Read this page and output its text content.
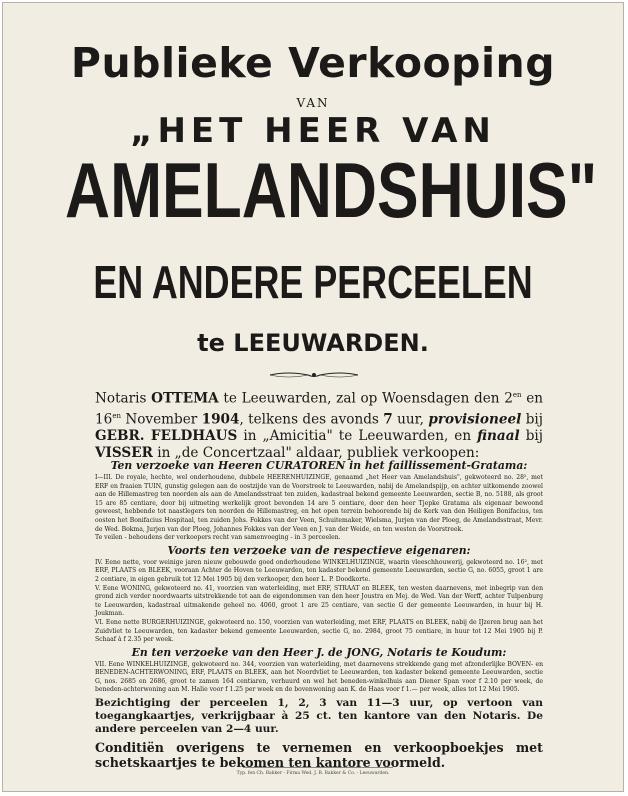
Publieke Verkooping
VAN
„HET HEER VAN
AMELANDSHUIS"
EN ANDERE PERCEELEN
te LEEUWARDEN.
Notaris OTTEMA te Leeuwarden, zal op Woensdagen den $2^{en}$ en $16^{en}$ November 1904, telkens des avonds 7 uur, provisioneel bij GEBR. FELDHAUS in „Amicitia" te Leeuwarden, en finaal bij VISSER in „de Concertzaal" aldaar, publiek verkoopen:
Ten verzoeke van Heeren CURATOREN in het faillissement-Gratama:

I—III. De royale, hechte, wel onderhoudene, dubbele HEERENHUIZINGE, genaamd „het Heer van Amelandshuis", gekwoteerd no. 28², met ERF en fraaien TUIN, gunstig gelegen aan de oostzijde van de Voorstreek te Leeuwarden, nabij de Amelandspijp, en achter uitkomende zoowel aan de Hillemastreg ten noorden als aan de Amelandsstraat ten zuiden, kadastraal bekend gemeente Leeuwarden, sectie B, no. 5188, als groot 15 are 85 centiare, door bij uitmeting werkelijk groot bevonden 14 are 5 centiare, door den heer Tjepke Gratama als eigenaar bewoond geweest, hebbende tot naastlegers ten noorden de Hillemastreg, en het open terrein behoorende bij de Kerk van den Heiligen Bonifacius, ten oosten het Bonifacius Hospitaal, ten zuiden Johs. Fokkes van der Veen, Schuitemaker, Wielsma, Jurjen van der Ploeg, de Amelandsstraat, Mevr. de Wed. Bokma, Jurjen van der Ploeg, Johannes Fokkes van der Veen en J. van der Weide, en ten westen de Voorstreek.

Te veilen - behoudens der verkoopers recht van samenvoeging - in 3 perceelen.

Voorts ten verzoeke van de respectieve eigenaren:

IV. Eene nette, voor weinige jaren nieuw gebouwde goed onderhoudene WINKELHUIZINGE, waarin vleeschhouwerij, gekwoteerd no. 16², met ERF, PLAATS en BLEEK, vooraan Achter de Hoven te Leeuwarden, ten kadaster bekend gemeente Leeuwarden, sectie G, no. 6055, groot 1 are 2 centiare, in eigen gebruik tot 12 Mei 1905 bij den verkooper, den heer L. P. Doodkorte.

V. Eene WONING, gekwoteerd no. 41, voorzien van waterleiding, met ERF, STRAAT en BLEEK, ten westen daarnevens, met inbegrip van den grond zich verder noordwaarts uitstrekkende tot aan de eigendommen van den heer Joustra en Mej. de Wed. Van der Werff, achter Tulpenburg te Leeuwarden, kadastraal uitmakende geheel no. 4060, groot 1 are 25 centiare, van sectie G der gemeente Leeuwarden, in huur bij H. Joukman.

VI. Eene nette BURGERHUIZINGE, gekwoteerd no. 150, voorzien van waterleiding, met ERF, PLAATS en BLEEK, nabij de IJzeren brug aan het Zuidvliet te Leeuwarden, ten kadaster bekend gemeente Leeuwarden, sectie G, no. 2984, groot 75 centiare, in huur tot 12 Mei 1905 bij P. Schaaf à f 2.35 per week.

En ten verzoeke van den Heer J. de JONG, Notaris te Koudum:

VII. Eene WINKELHUIZINGE, gekwoteerd no. 344, voorzien van waterleiding, met daarnevens strekkende gang met afzonderlijke BOVEN- en BENEDEN-ACHTERWONING, ERF, PLAATS en BLEEK, aan het Noordvliet te Leeuwarden, ten kadaster bekend gemeente Leeuwarden, sectie G, nos. 2685 en 2686, groot te zamen 164 centiaren, verhuurd en wel het beneden-winkelhuis aan Diener Span voor f 2.10 per week, de beneden-achterwoning aan M. Halie voor f 1.25 per week en de bovenwoning aan K. de Haas voor f 1.— per week, alles tot 12 Mei 1905.

Bezichtiging der perceelen 1, 2, 3 van 11—3 uur, op vertoon van toegangkaartjes, verkrijgbaar à 25 ct. ten kantore van den Notaris. De andere perceelen van 2—4 uur.
Conditiën overigens te vernemen en verkoopboekjes met schetskaartjes te bekomen ten kantore voormeld.
Typ. fen Ch. Bakker - Firma Wed. J. B. Bakker & Co. - Leeuwarden.
